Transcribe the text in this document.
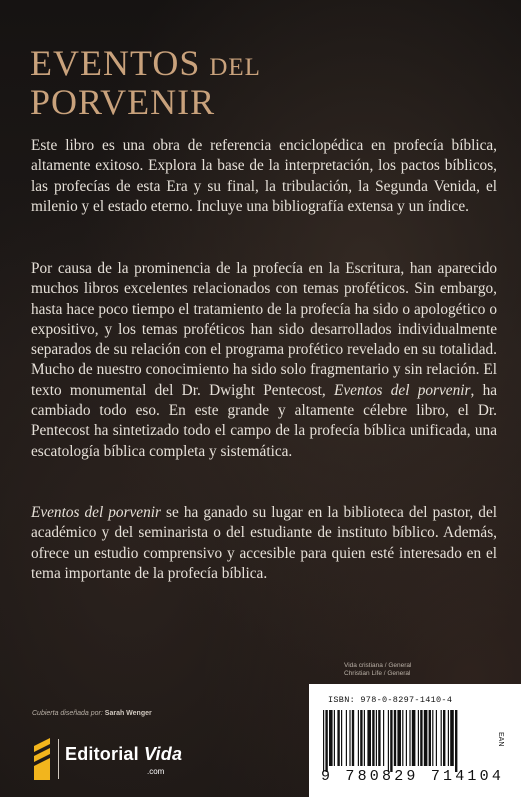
EVENTOS DEL
PORVENIR

Este libro es una obra de referencia enciclopédica en profecía bíblica, altamente exitoso. Explora la base de la interpretación, los pactos bíblicos, las profecías de esta Era y su final, la tribulación, la Segunda Venida, el milenio y el estado eterno. Incluye una bibliografía extensa y un índice.

Por causa de la prominencia de la profecía en la Escritura, han aparecido muchos libros excelentes relacionados con temas proféticos. Sin embargo, hasta hace poco tiempo el tratamiento de la profecía ha sido o apologético o expositivo, y los temas proféticos han sido desarrollados individualmente separados de su relación con el programa profético revelado en su totalidad. Mucho de nuestro conocimiento ha sido solo fragmentario y sin relación. El texto monumental del Dr. Dwight Pentecost, Eventos del porvenir, ha cambiado todo eso. En este grande y altamente célebre libro, el Dr. Pentecost ha sintetizado todo el campo de la profecía bíblica unificada, una escatología bíblica completa y sistemática.

Eventos del porvenir se ha ganado su lugar en la biblioteca del pastor, del académico y del seminarista o del estudiante de instituto bíblico. Además, ofrece un estudio comprensivo y accesible para quien esté interesado en el tema importante de la profecía bíblica.

Vida cristiana / General
Christian Life / General
ISBN: 978-0-8297-1410-4
EAN
9 780829 714104
Cubierta diseñada por: Sarah Wenger
Editorial Vida
.com
